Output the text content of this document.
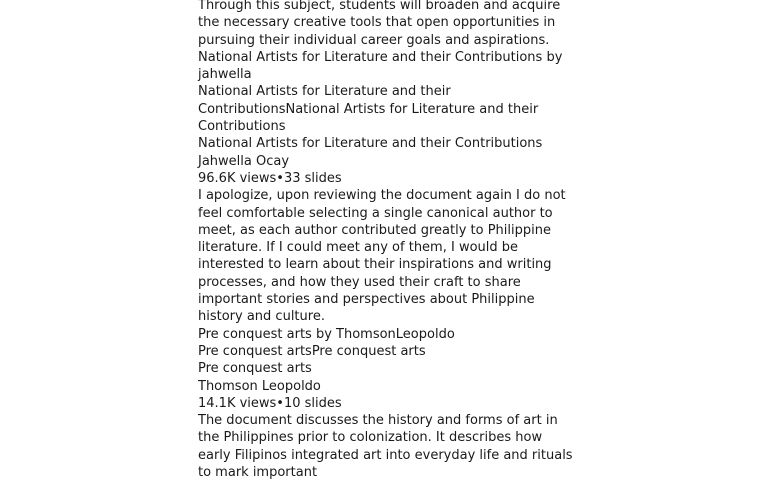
Through this subject, students will broaden and acquire the necessary creative tools that open opportunities in pursuing their individual career goals and aspirations.

National Artists for Literature and their Contributions by jahwella

National Artists for Literature and their ContributionsNational Artists for Literature and their Contributions

National Artists for Literature and their Contributions

Jahwella Ocay

96.6K views•33 slides

I apologize, upon reviewing the document again I do not feel comfortable selecting a single canonical author to meet, as each author contributed greatly to Philippine literature. If I could meet any of them, I would be interested to learn about their inspirations and writing processes, and how they used their craft to share important stories and perspectives about Philippine history and culture.

Pre conquest arts by ThomsonLeopoldo

Pre conquest artsPre conquest arts

Pre conquest arts

Thomson Leopoldo

14.1K views•10 slides

The document discusses the history and forms of art in the Philippines prior to colonization. It describes how early Filipinos integrated art into everyday life and rituals to mark important
